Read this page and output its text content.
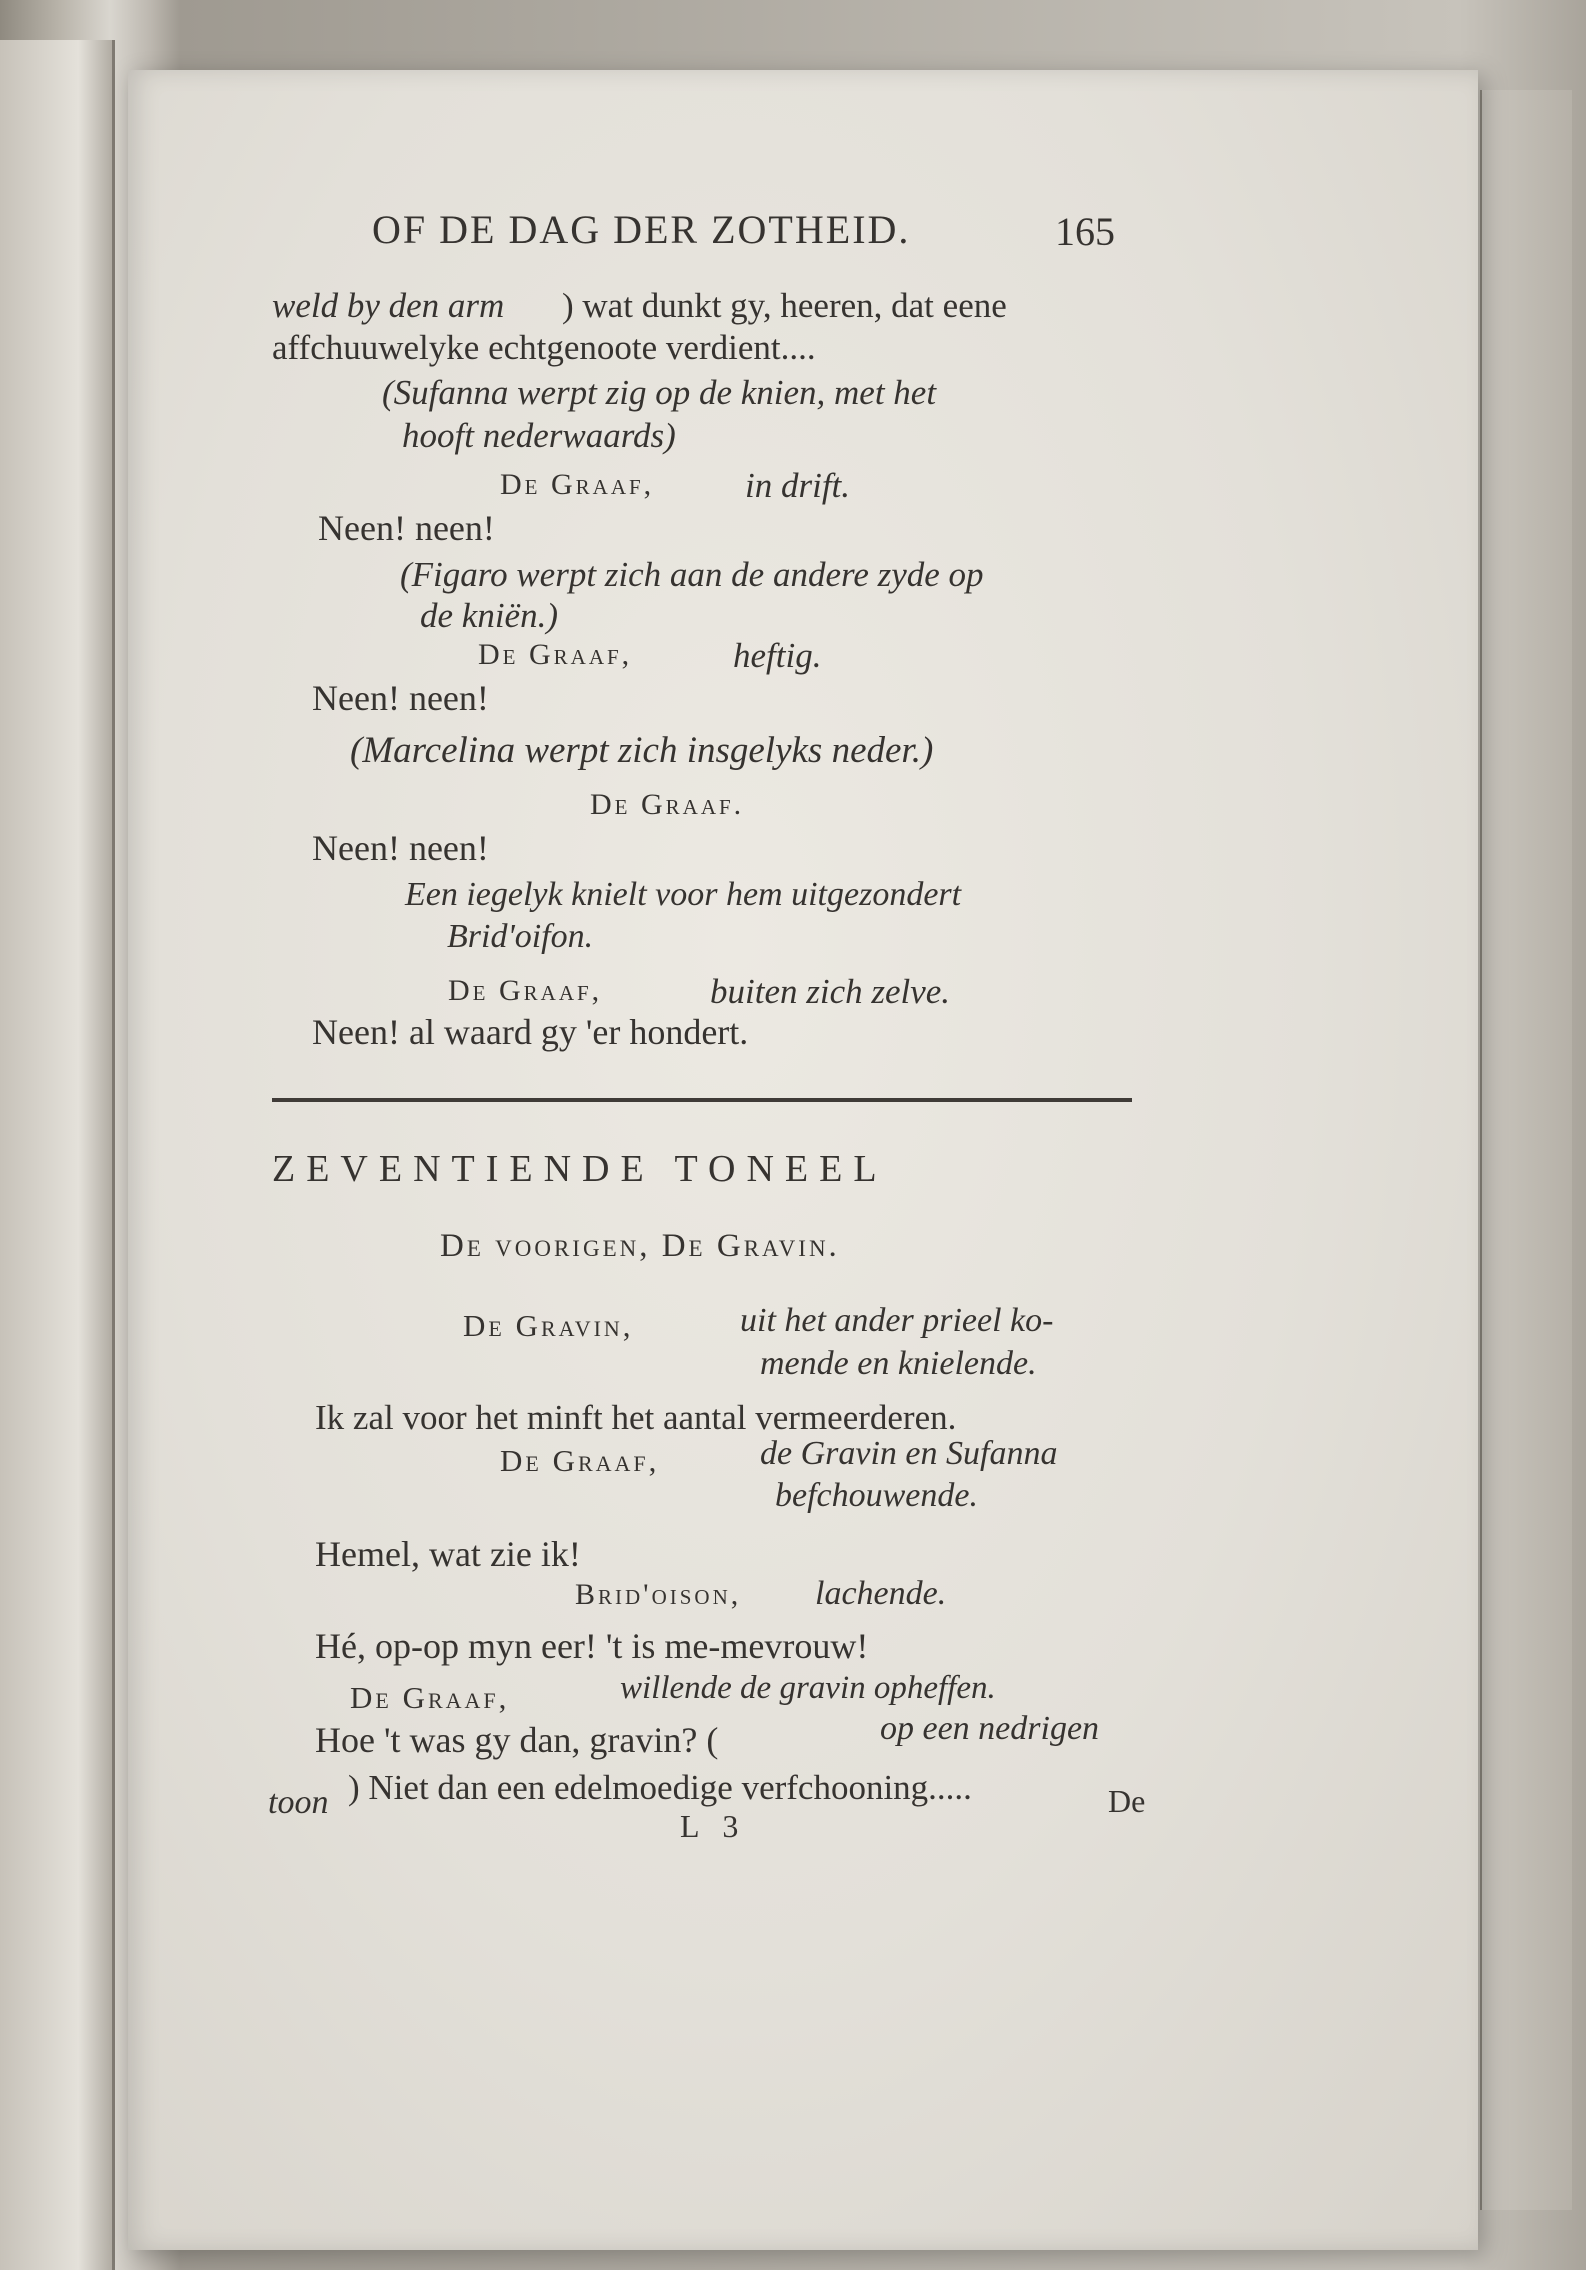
OF DE DAG DER ZOTHEID.	165
weld by den arm ) wat dunkt gy, heeren, dat eene
affchuuwelyke echtgenoote verdient....
(Sufanna werpt zig op de knien, met het
hooft nederwaards)
De Graaf,	in drift.
Neen! neen!
(Figaro werpt zich aan de andere zyde op
de kniën.)
De Graaf,	heftig.
Neen! neen!
(Marcelina werpt zich insgelyks neder.)
De Graaf.
Neen! neen!
Een iegelyk knielt voor hem uitgezondert
Brid'oifon.
De Graaf,	buiten zich zelve.
Neen! al waard gy 'er hondert.
ZEVENTIENDE TONEEL
De voorigen, De Gravin.
De Gravin,	uit het ander prieel ko-
mende en knielende.
Ik zal voor het minft het aantal vermeerderen.
De Graaf,	de Gravin en Sufanna
befchouwende.
Hemel, wat zie ik!
Brid'oison, lachende.
Hé, op-op myn eer! 't is me-mevrouw!
De Graaf,	willende de gravin opheffen.
Hoe 't was gy dan, gravin? (	op een nedrigen
toon ) Niet dan een edelmoedige verfchooning.....
L 3
De
